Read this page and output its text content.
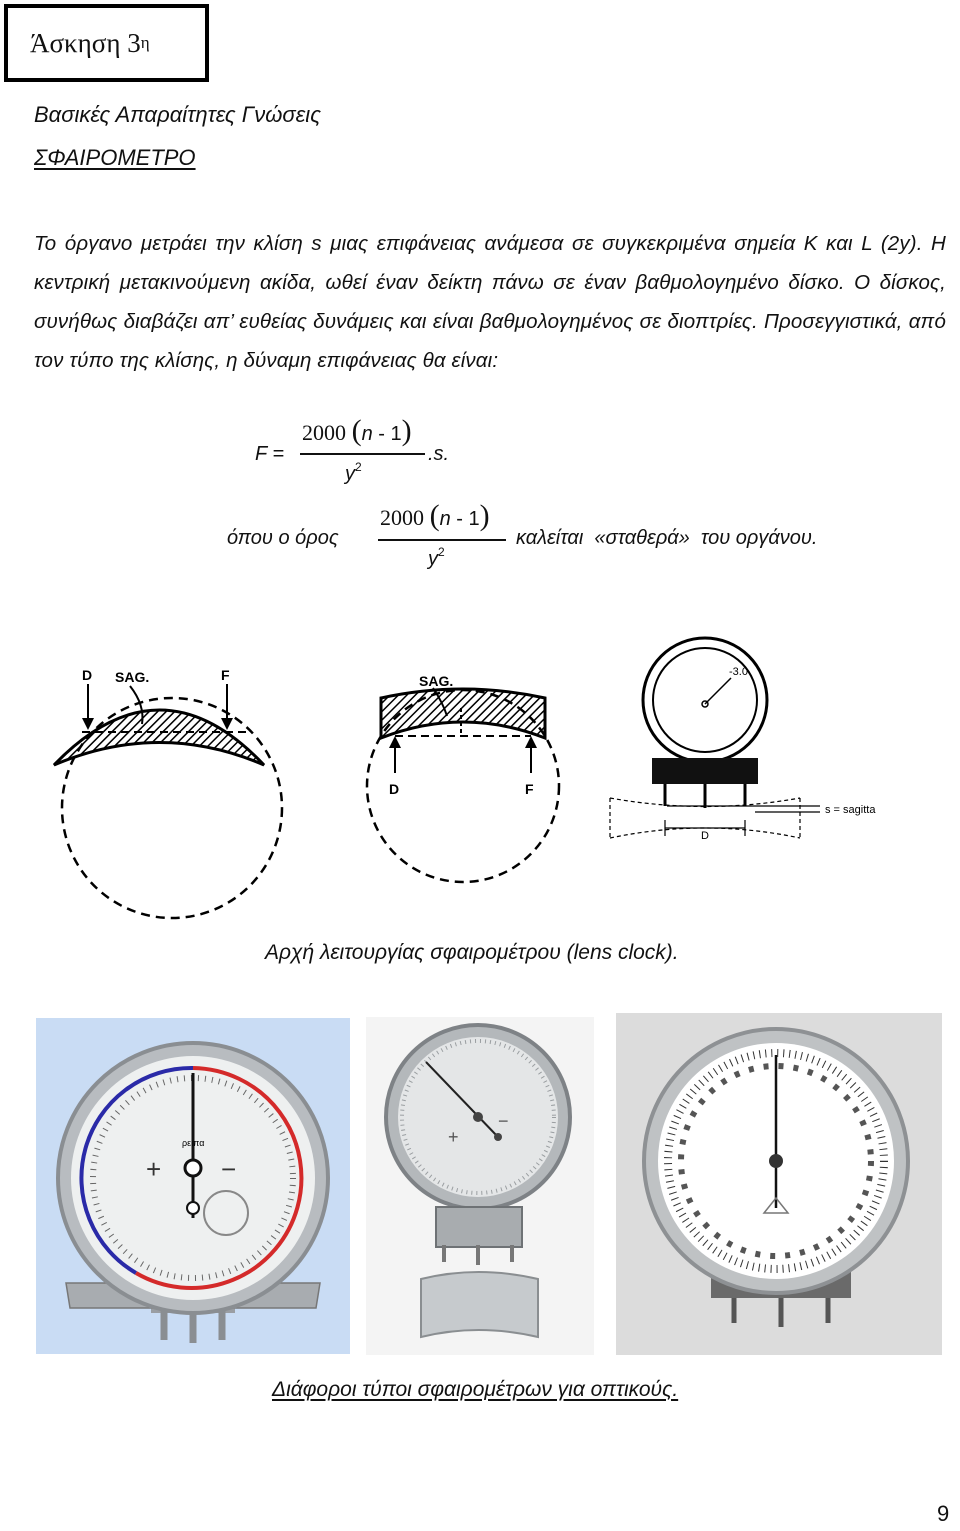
Άσκηση 3 η
Βασικές Απαραίτητες Γνώσεις
ΣΦΑΙΡΟΜΕΤΡΟ
Το όργανο μετράει την κλίση s μιας επιφάνειας ανάμεσα σε συγκεκριμένα σημεία K και L (2y). Η κεντρική μετακινούμενη ακίδα, ωθεί έναν δείκτη πάνω σε έναν βαθμολογημένο δίσκο. Ο δίσκος, συνήθως διαβάζει απ’ ευθείας δυνάμεις και είναι βαθμολογημένος σε διοπτρίες. Προσεγγιστικά, από τον τύπο της κλίσης, η δύναμη επιφάνειας θα είναι:
F =
2000 (n - 1)
$y^2$
.s.
όπου ο όρος
2000 (n - 1)
$y^2$
καλείται  «σταθερά»  του οργάνου.
D SAG.	F	SAG.
D	F
-3.0
s = sagitta
D
Αρχή λειτουργίας σφαιρομέτρου (lens clock).
ρειπα
+ −
+
−
Διάφοροι τύποι σφαιρομέτρων για οπτικούς.
9
